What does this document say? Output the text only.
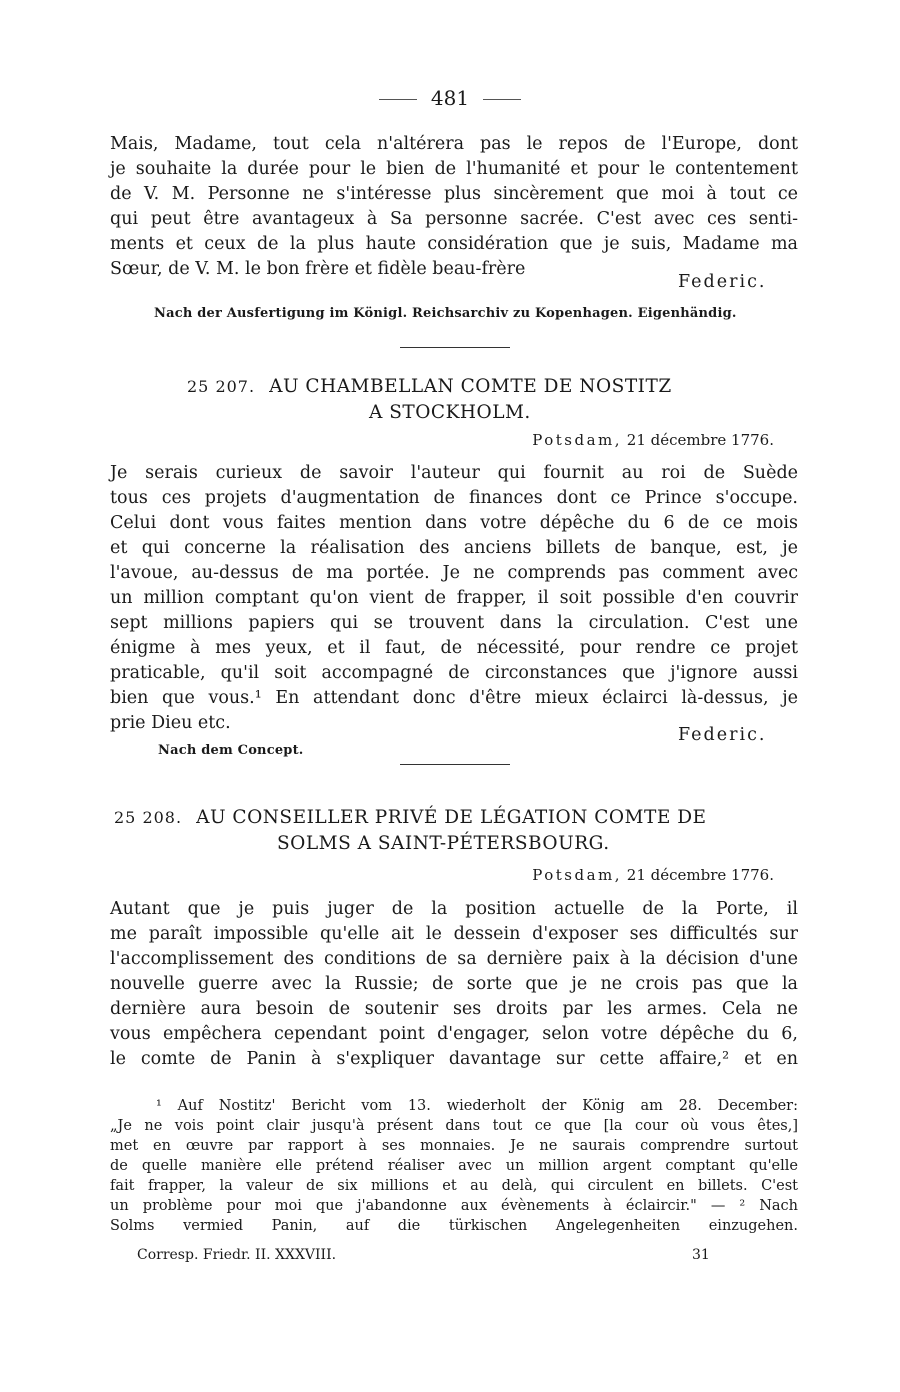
481
Mais, Madame, tout cela n'altérera pas le repos de l'Europe, dont
je souhaite la durée pour le bien de l'humanité et pour le contentement
de V. M. Personne ne s'intéresse plus sincèrement que moi à tout ce
qui peut être avantageux à Sa personne sacrée. C'est avec ces senti-
ments et ceux de la plus haute considération que je suis, Madame ma
Sœur, de V. M. le bon frère et fidèle beau-frère
Federic.
Nach der Ausfertigung im Königl. Reichsarchiv zu Kopenhagen. Eigenhändig.
25 207. AU CHAMBELLAN COMTE DE NOSTITZ
A STOCKHOLM.
Potsdam, 21 décembre 1776.
Je serais curieux de savoir l'auteur qui fournit au roi de Suède
tous ces projets d'augmentation de finances dont ce Prince s'occupe.
Celui dont vous faites mention dans votre dépêche du 6 de ce mois
et qui concerne la réalisation des anciens billets de banque, est, je
l'avoue, au-dessus de ma portée. Je ne comprends pas comment avec
un million comptant qu'on vient de frapper, il soit possible d'en couvrir
sept millions papiers qui se trouvent dans la circulation. C'est une
énigme à mes yeux, et il faut, de nécessité, pour rendre ce projet
praticable, qu'il soit accompagné de circonstances que j'ignore aussi
bien que vous.¹ En attendant donc d'être mieux éclairci là-dessus, je
prie Dieu etc.
Federic.
Nach dem Concept.
25 208. AU CONSEILLER PRIVÉ DE LÉGATION COMTE DE
SOLMS A SAINT-PÉTERSBOURG.
Potsdam, 21 décembre 1776.
Autant que je puis juger de la position actuelle de la Porte, il
me paraît impossible qu'elle ait le dessein d'exposer ses difficultés sur
l'accomplissement des conditions de sa dernière paix à la décision d'une
nouvelle guerre avec la Russie; de sorte que je ne crois pas que la
dernière aura besoin de soutenir ses droits par les armes. Cela ne
vous empêchera cependant point d'engager, selon votre dépêche du 6,
le comte de Panin à s'expliquer davantage sur cette affaire,² et en
¹ Auf Nostitz' Bericht vom 13. wiederholt der König am 28. December:
„Je ne vois point clair jusqu'à présent dans tout ce que [la cour où vous êtes,]
met en œuvre par rapport à ses monnaies. Je ne saurais comprendre surtout
de quelle manière elle prétend réaliser avec un million argent comptant qu'elle
fait frapper, la valeur de six millions et au delà, qui circulent en billets. C'est
un problème pour moi que j'abandonne aux évènements à éclaircir." — ² Nach
Solms vermied Panin, auf die türkischen Angelegenheiten einzugehen.
Corresp. Friedr. II. XXXVIII.	31
